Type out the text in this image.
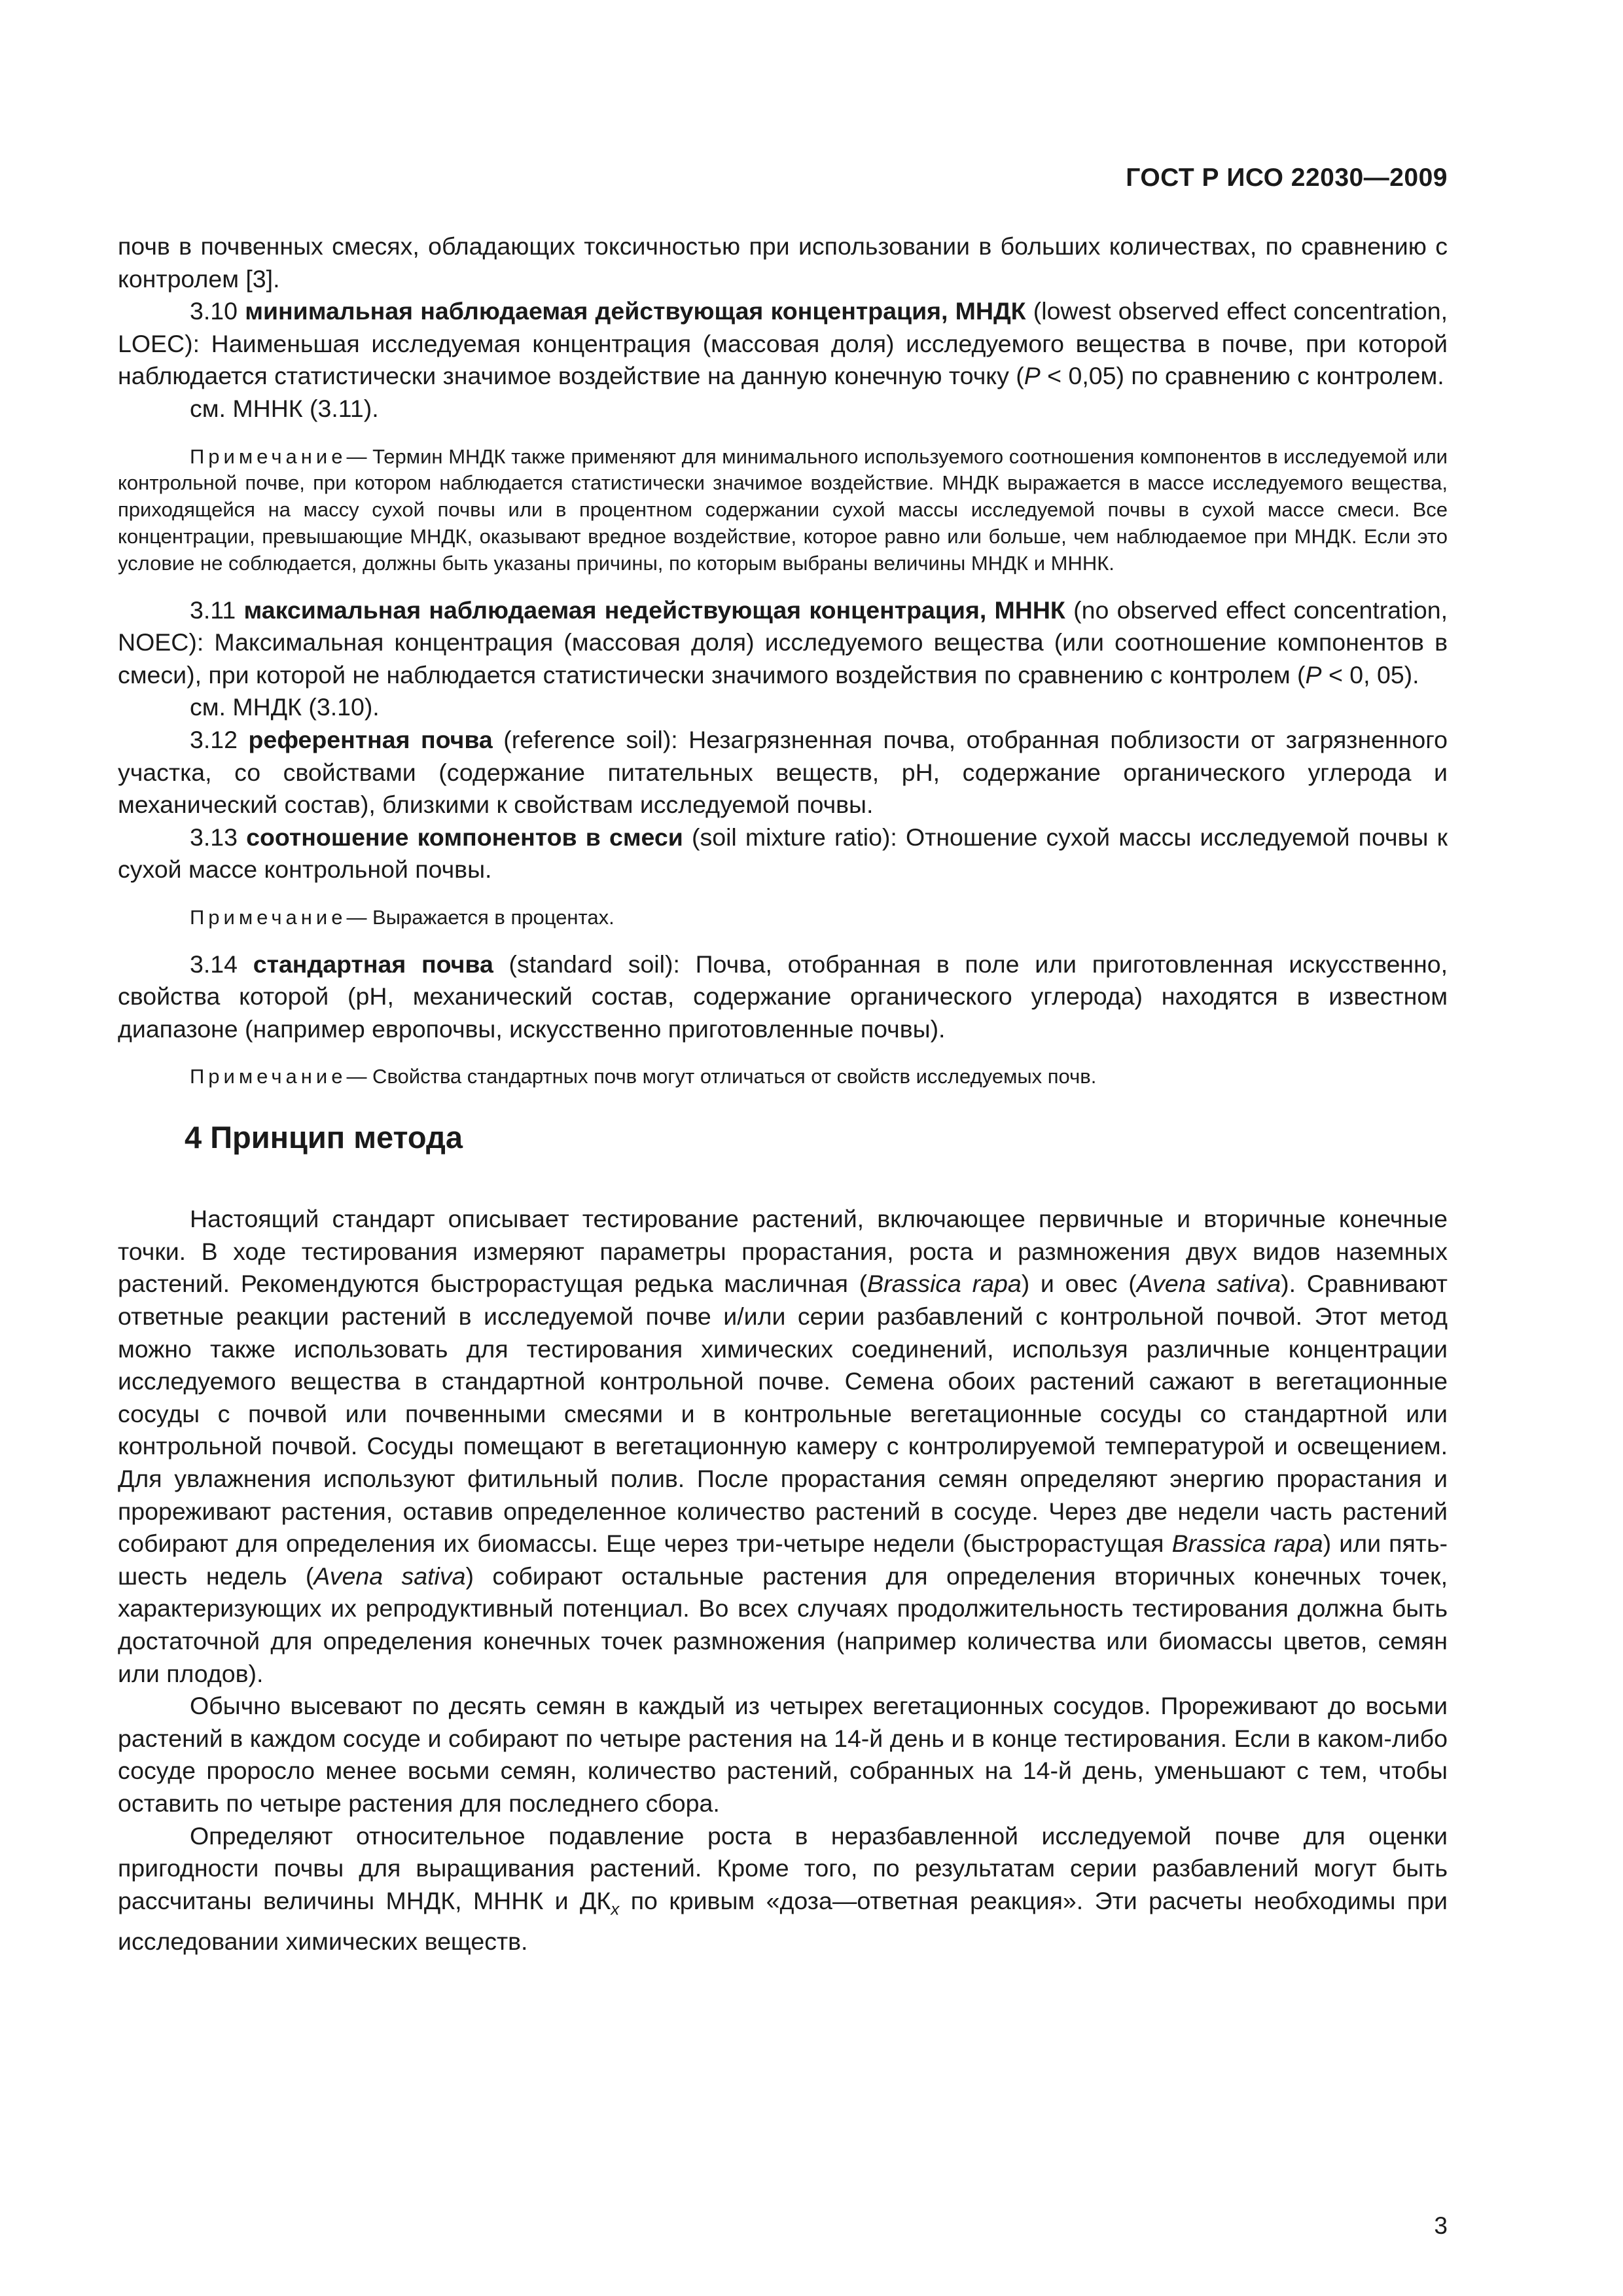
ГОСТ Р ИСО 22030—2009

почв в почвенных смесях, обладающих токсичностью при использовании в больших количествах, по сравнению с контролем [3].

3.10 минимальная наблюдаемая действующая концентрация, МНДК (lowest observed effect concentration, LOEC): Наименьшая исследуемая концентрация (массовая доля) исследуемого вещества в почве, при которой наблюдается статистически значимое воздействие на данную конечную точку (P < 0,05) по сравнению с контролем.

см. МННК (3.11).

Примечание— Термин МНДК также применяют для минимального используемого соотношения компонентов в исследуемой или контрольной почве, при котором наблюдается статистически значимое воздействие. МНДК выражается в массе исследуемого вещества, приходящейся на массу сухой почвы или в процентном содержании сухой массы исследуемой почвы в сухой массе смеси. Все концентрации, превышающие МНДК, оказывают вредное воздействие, которое равно или больше, чем наблюдаемое при МНДК. Если это условие не соблюдается, должны быть указаны причины, по которым выбраны величины МНДК и МННК.

3.11 максимальная наблюдаемая недействующая концентрация, МННК (no observed effect concentration, NOEC): Максимальная концентрация (массовая доля) исследуемого вещества (или соотношение компонентов в смеси), при которой не наблюдается статистически значимого воздействия по сравнению с контролем (P < 0, 05).

см. МНДК (3.10).

3.12 референтная почва (reference soil): Незагрязненная почва, отобранная поблизости от загрязненного участка, со свойствами (содержание питательных веществ, рН, содержание органического углерода и механический состав), близкими к свойствам исследуемой почвы.

3.13 соотношение компонентов в смеси (soil mixture ratio): Отношение сухой массы исследуемой почвы к сухой массе контрольной почвы.

Примечание— Выражается в процентах.

3.14 стандартная почва (standard soil): Почва, отобранная в поле или приготовленная искусственно, свойства которой (рН, механический состав, содержание органического углерода) находятся в известном диапазоне (например европочвы, искусственно приготовленные почвы).

Примечание— Свойства стандартных почв могут отличаться от свойств исследуемых почв.

4 Принцип метода

Настоящий стандарт описывает тестирование растений, включающее первичные и вторичные конечные точки. В ходе тестирования измеряют параметры прорастания, роста и размножения двух видов наземных растений. Рекомендуются быстрорастущая редька масличная (Brassica rapa) и овес (Avena sativa). Сравнивают ответные реакции растений в исследуемой почве и/или серии разбавлений с контрольной почвой. Этот метод можно также использовать для тестирования химических соединений, используя различные концентрации исследуемого вещества в стандартной контрольной почве. Семена обоих растений сажают в вегетационные сосуды с почвой или почвенными смесями и в контрольные вегетационные сосуды со стандартной или контрольной почвой. Сосуды помещают в вегетационную камеру с контролируемой температурой и освещением. Для увлажнения используют фитильный полив. После прорастания семян определяют энергию прорастания и прореживают растения, оставив определенное количество растений в сосуде. Через две недели часть растений собирают для определения их биомассы. Еще через три-четыре недели (быстрорастущая Brassica rapa) или пять-шесть недель (Avena sativa) собирают остальные растения для определения вторичных конечных точек, характеризующих их репродуктивный потенциал. Во всех случаях продолжительность тестирования должна быть достаточной для определения конечных точек размножения (например количества или биомассы цветов, семян или плодов).

Обычно высевают по десять семян в каждый из четырех вегетационных сосудов. Прореживают до восьми растений в каждом сосуде и собирают по четыре растения на 14-й день и в конце тестирования. Если в каком-либо сосуде проросло менее восьми семян, количество растений, собранных на 14-й день, уменьшают с тем, чтобы оставить по четыре растения для последнего сбора.

Определяют относительное подавление роста в неразбавленной исследуемой почве для оценки пригодности почвы для выращивания растений. Кроме того, по результатам серии разбавлений могут быть рассчитаны величины МНДК, МННК и $ДК_x$ по кривым «доза—ответная реакция». Эти расчеты необходимы при исследовании химических веществ.

3
